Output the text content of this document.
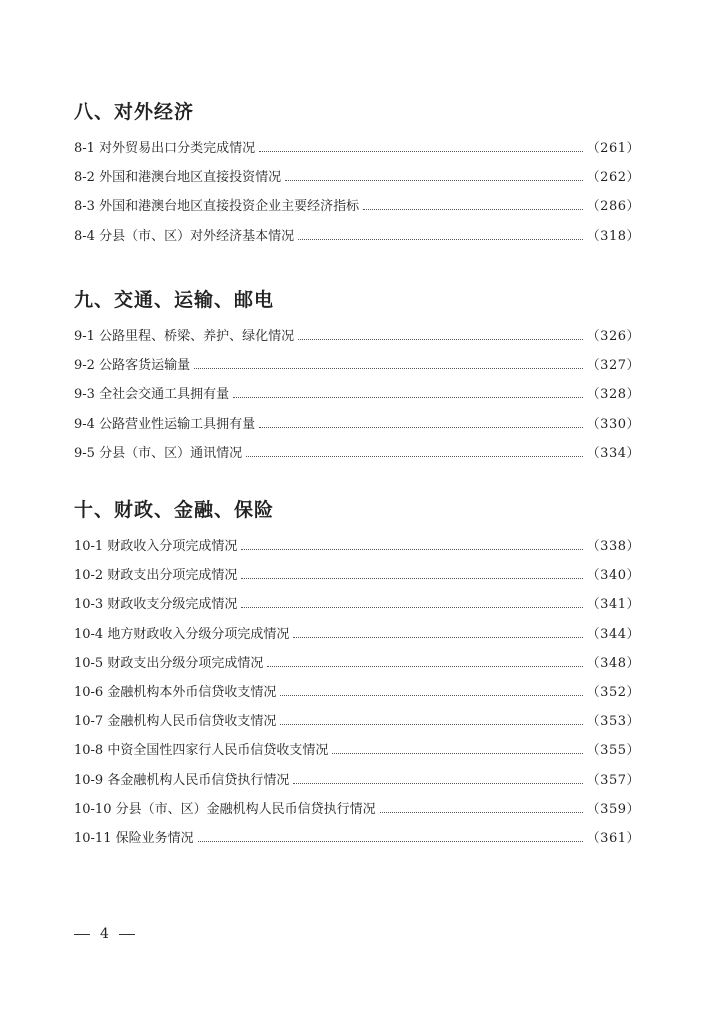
八、对外经济
8-1 对外贸易出口分类完成情况	（261）
8-2 外国和港澳台地区直接投资情况	（262）
8-3 外国和港澳台地区直接投资企业主要经济指标	（286）
8-4 分县（市、区）对外经济基本情况	（318）
九、交通、运输、邮电
9-1 公路里程、桥梁、养护、绿化情况	（326）
9-2 公路客货运输量	（327）
9-3 全社会交通工具拥有量	（328）
9-4 公路营业性运输工具拥有量	（330）
9-5 分县（市、区）通讯情况	（334）
十、财政、金融、保险
10-1 财政收入分项完成情况	（338）
10-2 财政支出分项完成情况	（340）
10-3 财政收支分级完成情况	（341）
10-4 地方财政收入分级分项完成情况	（344）
10-5 财政支出分级分项完成情况	（348）
10-6 金融机构本外币信贷收支情况	（352）
10-7 金融机构人民币信贷收支情况	（353）
10-8 中资全国性四家行人民币信贷收支情况	（355）
10-9 各金融机构人民币信贷执行情况	（357）
10-10 分县（市、区）金融机构人民币信贷执行情况	（359）
10-11 保险业务情况	（361）
4
